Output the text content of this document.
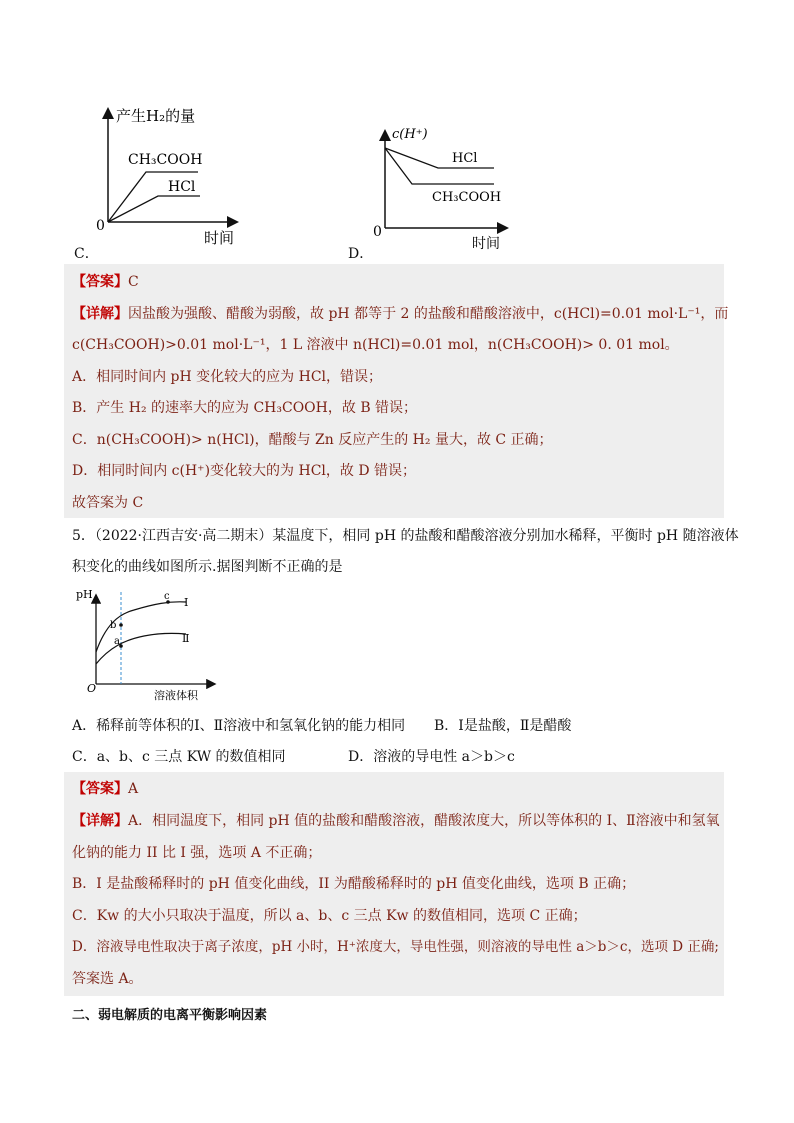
产生H₂的量
CH₃COOH
HCl
0
时间
C．
c(H⁺)
HCl
CH₃COOH
0
时间
D．
【答案】C
【详解】因盐酸为强酸、醋酸为弱酸，故 pH 都等于 2 的盐酸和醋酸溶液中，c(HCl)=0.01 mol·L⁻¹，而
c(CH₃COOH)>0.01 mol·L⁻¹，1 L 溶液中 n(HCl)=0.01 mol，n(CH₃COOH)> 0. 01 mol。
A．相同时间内 pH 变化较大的应为 HCl，错误；
B．产生 H₂ 的速率大的应为 CH₃COOH，故 B 错误；
C．n(CH₃COOH)> n(HCl)，醋酸与 Zn 反应产生的 H₂ 量大，故 C 正确；
D．相同时间内 c(H⁺)变化较大的为 HCl，故 D 错误；
故答案为 C
5．（2022·江西吉安·高二期末）某温度下，相同 pH 的盐酸和醋酸溶液分别加水稀释，平衡时 pH 随溶液体
积变化的曲线如图所示.据图判断不正确的是
pH
a
b
c I
Ⅱ
O
溶液体积
A．稀释前等体积的Ⅰ、Ⅱ溶液中和氢氧化钠的能力相同 B．Ⅰ是盐酸，Ⅱ是醋酸
C．a、b、c 三点 KW 的数值相同	D．溶液的导电性 a＞b＞c
【答案】A
【详解】A．相同温度下，相同 pH 值的盐酸和醋酸溶液，醋酸浓度大，所以等体积的 Ⅰ、Ⅱ溶液中和氢氧
化钠的能力 II 比 I 强，选项 A 不正确；
B．I 是盐酸稀释时的 pH 值变化曲线，II 为醋酸稀释时的 pH 值变化曲线，选项 B 正确；
C．Kw 的大小只取决于温度，所以 a、b、c 三点 Kw 的数值相同，选项 C 正确；
D．溶液导电性取决于离子浓度，pH 小时，H⁺浓度大，导电性强，则溶液的导电性 a＞b＞c，选项 D 正确;
答案选 A。
二、弱电解质的电离平衡影响因素
